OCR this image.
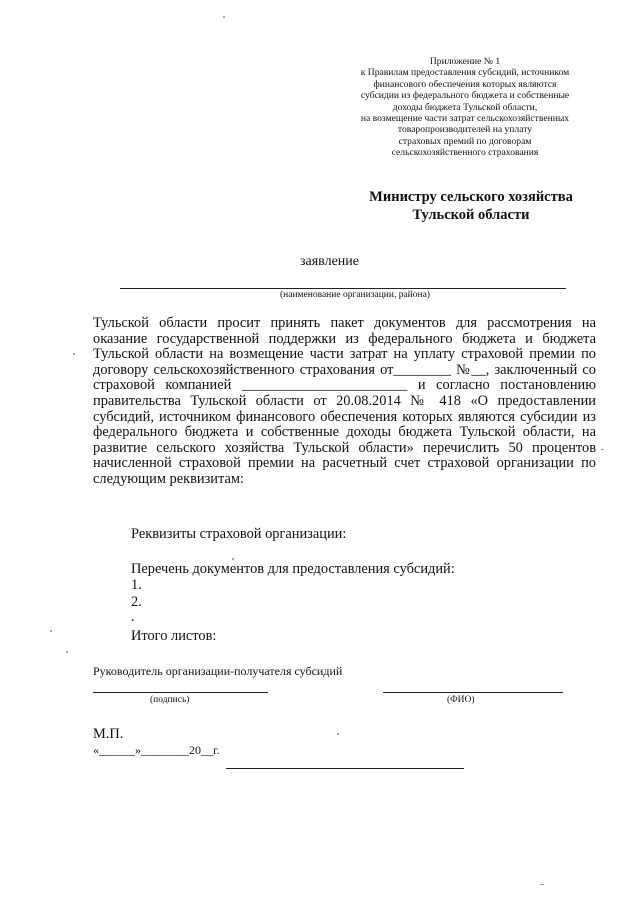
Приложение № 1
к Правилам предоставления субсидий, источником
финансового обеспечения которых являются
субсидии из федерального бюджета и собственные
доходы бюджета Тульской области,
на возмещение части затрат сельскохозяйственных
товаропроизводителей на уплату
страховых премий по договорам
сельскохозяйственного страхования
Министру сельского хозяйства
Тульской области
заявление
(наименование организации, района)
Тульской области просит принять пакет документов для рассмотрения на оказание государственной поддержки из федерального бюджета и бюджета Тульской области на возмещение части затрат на уплату страховой премии по договору сельскохозяйственного страхования от________ №__, заключенный со страховой компанией _______________________ и согласно постановлению правительства Тульской области от 20.08.2014 № 418 «О предоставлении субсидий, источником финансового обеспечения которых являются субсидии из федерального бюджета и собственные доходы бюджета Тульской области, на развитие сельского хозяйства Тульской области» перечислить 50 процентов начисленной страховой премии на расчетный счет страховой организации по следующим реквизитам:
Реквизиты страховой организации:
Перечень документов для предоставления субсидий:
1.
2.
.
Итого листов:
Руководитель организации-получателя субсидий
(подпись)	(ФИО)
М.П.
«______»________20__г.
